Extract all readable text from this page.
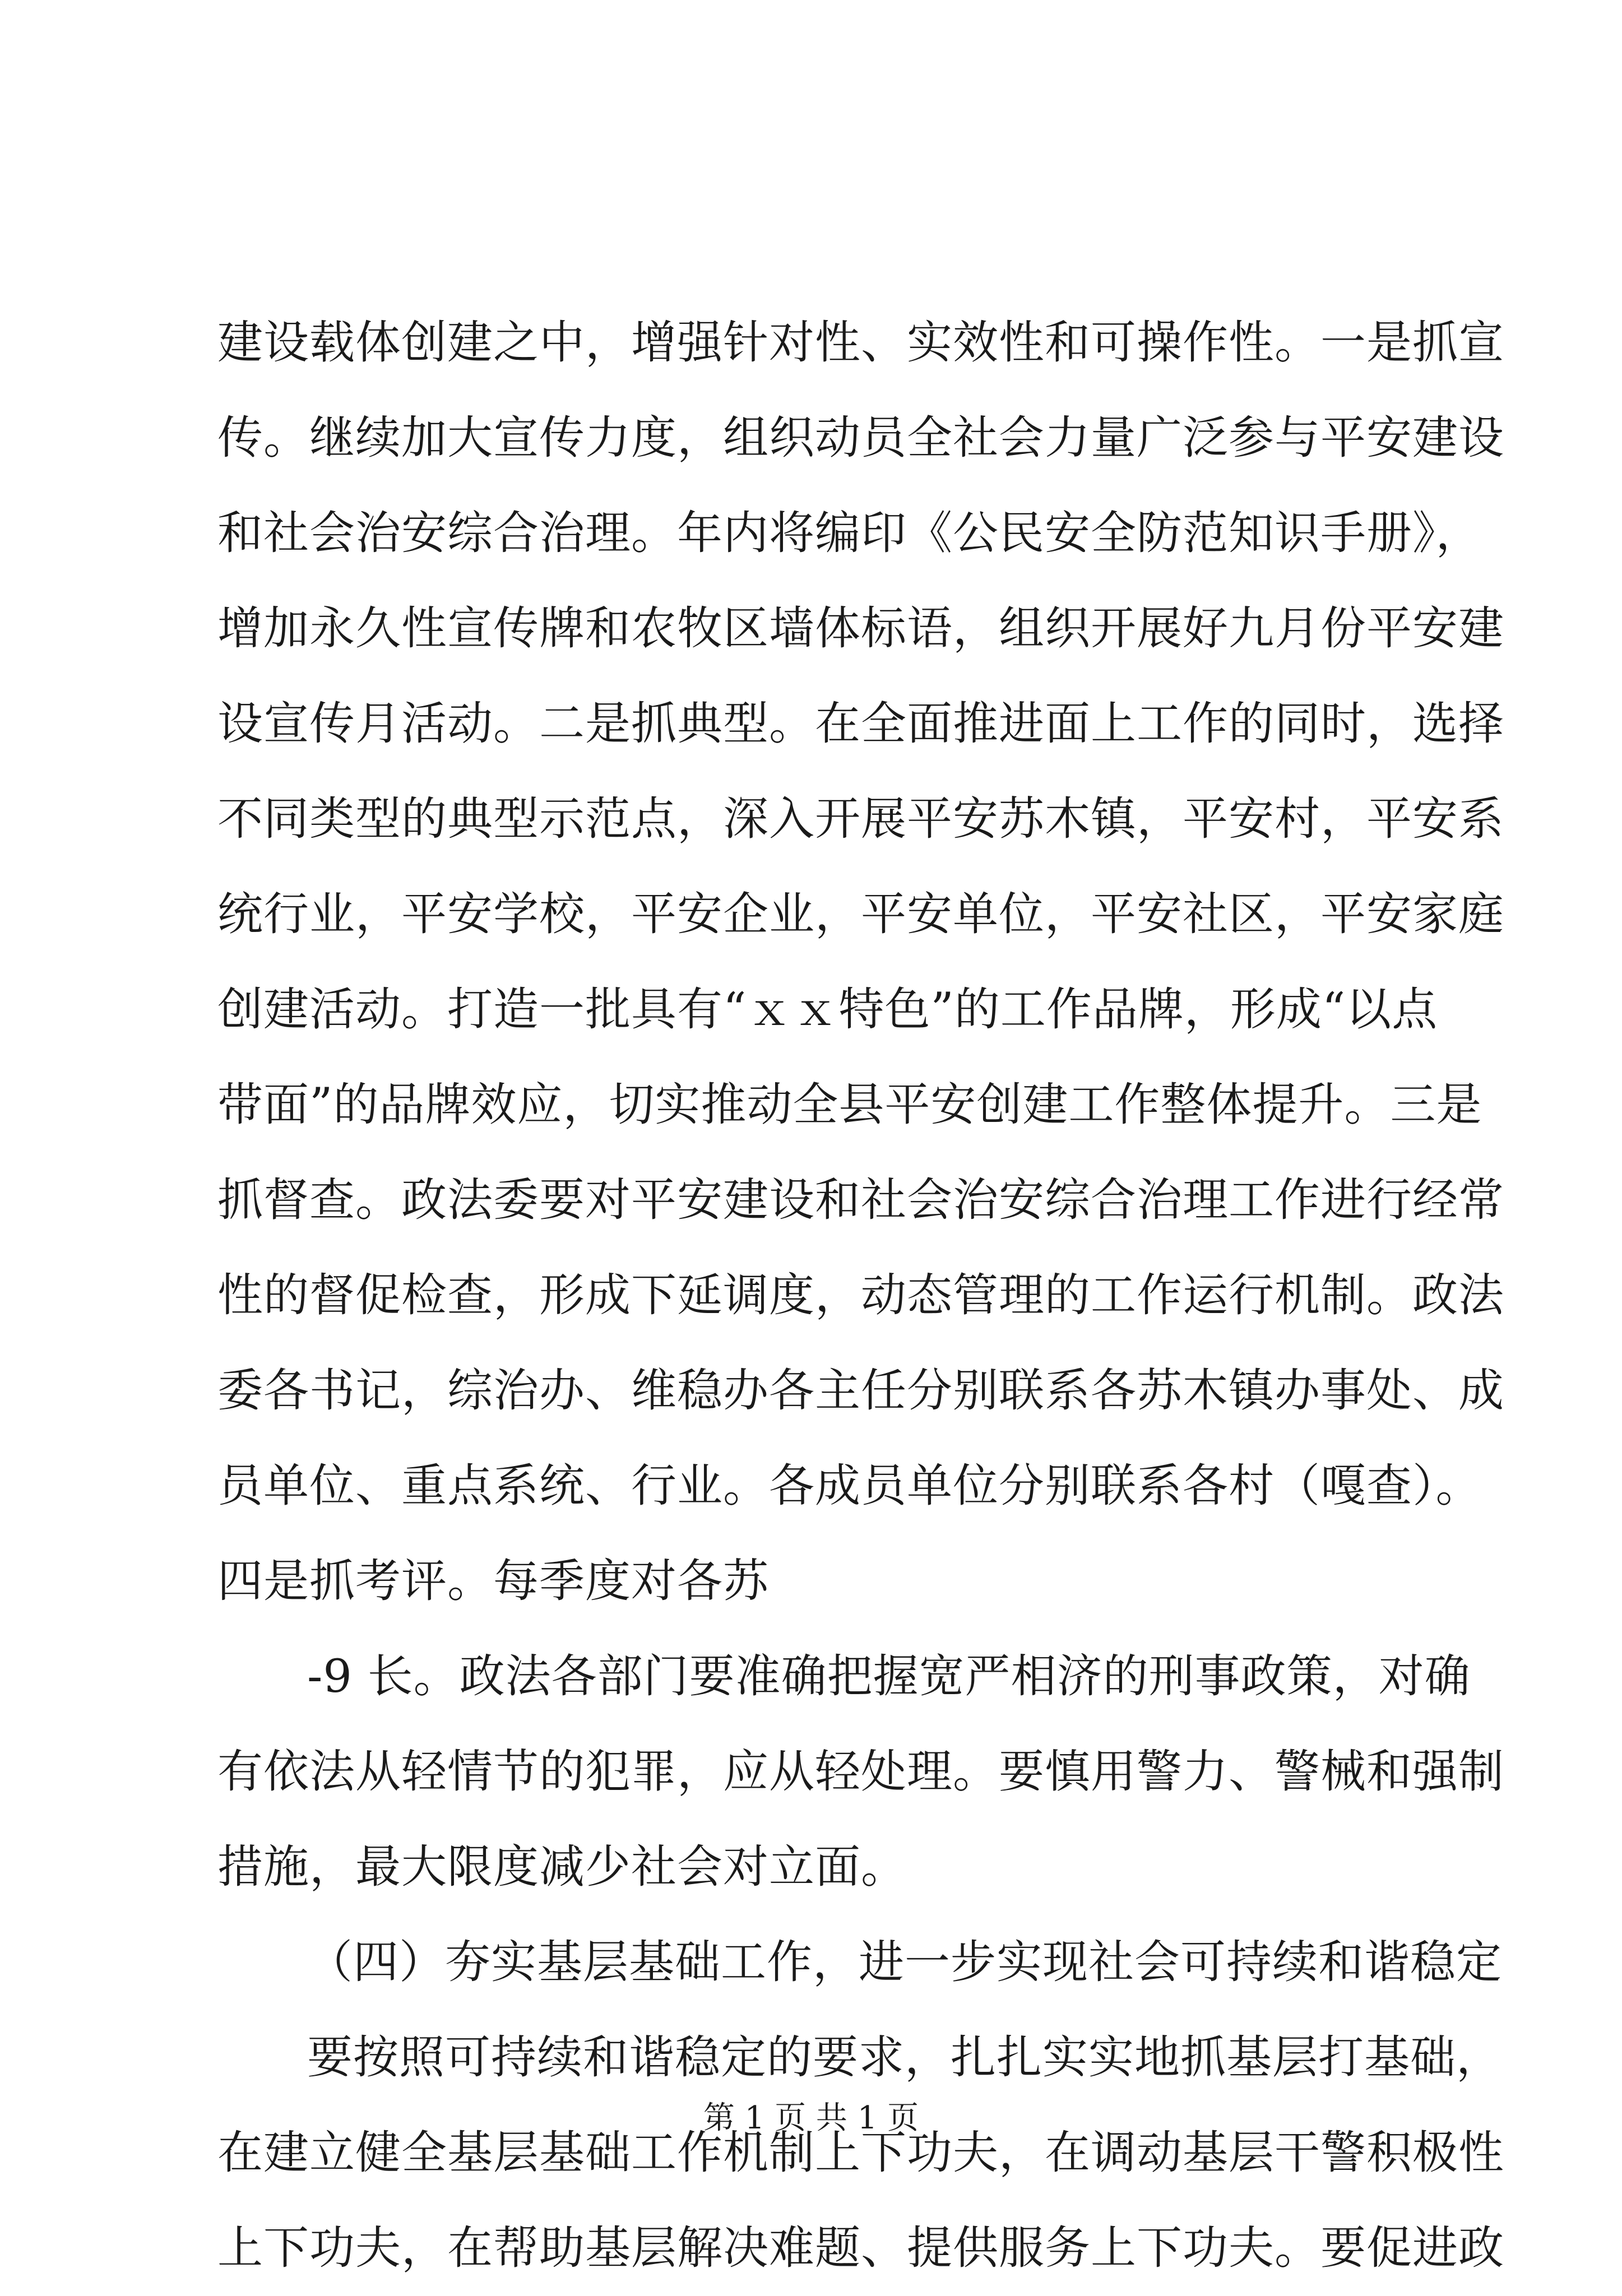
建设载体创建之中，增强针对性、实效性和可操作性。一是抓宣
传。继续加大宣传力度，组织动员全社会力量广泛参与平安建设
和社会治安综合治理。年内将编印《公民安全防范知识手册》，
增加永久性宣传牌和农牧区墙体标语，组织开展好九月份平安建
设宣传月活动。二是抓典型。在全面推进面上工作的同时，选择
不同类型的典型示范点，深入开展平安苏木镇，平安村，平安系
统行业，平安学校，平安企业，平安单位，平安社区，平安家庭
创建活动。打造一批具有“ｘｘ特色”的工作品牌，形成“以点
带面”的品牌效应，切实推动全县平安创建工作整体提升。三是
抓督查。政法委要对平安建设和社会治安综合治理工作进行经常
性的督促检查，形成下延调度，动态管理的工作运行机制。政法
委各书记，综治办、维稳办各主任分别联系各苏木镇办事处、成
员单位、重点系统、行业。各成员单位分别联系各村（嘎查）。
四是抓考评。每季度对各苏
-9 长。政法各部门要准确把握宽严相济的刑事政策，对确
有依法从轻情节的犯罪，应从轻处理。要慎用警力、警械和强制
措施，最大限度减少社会对立面。
（四）夯实基层基础工作，进一步实现社会可持续和谐稳定
要按照可持续和谐稳定的要求，扎扎实实地抓基层打基础，
在建立健全基层基础工作机制上下功夫，在调动基层干警积极性
上下功夫，在帮助基层解决难题、提供服务上下功夫。要促进政
第 1 页 共 1 页
